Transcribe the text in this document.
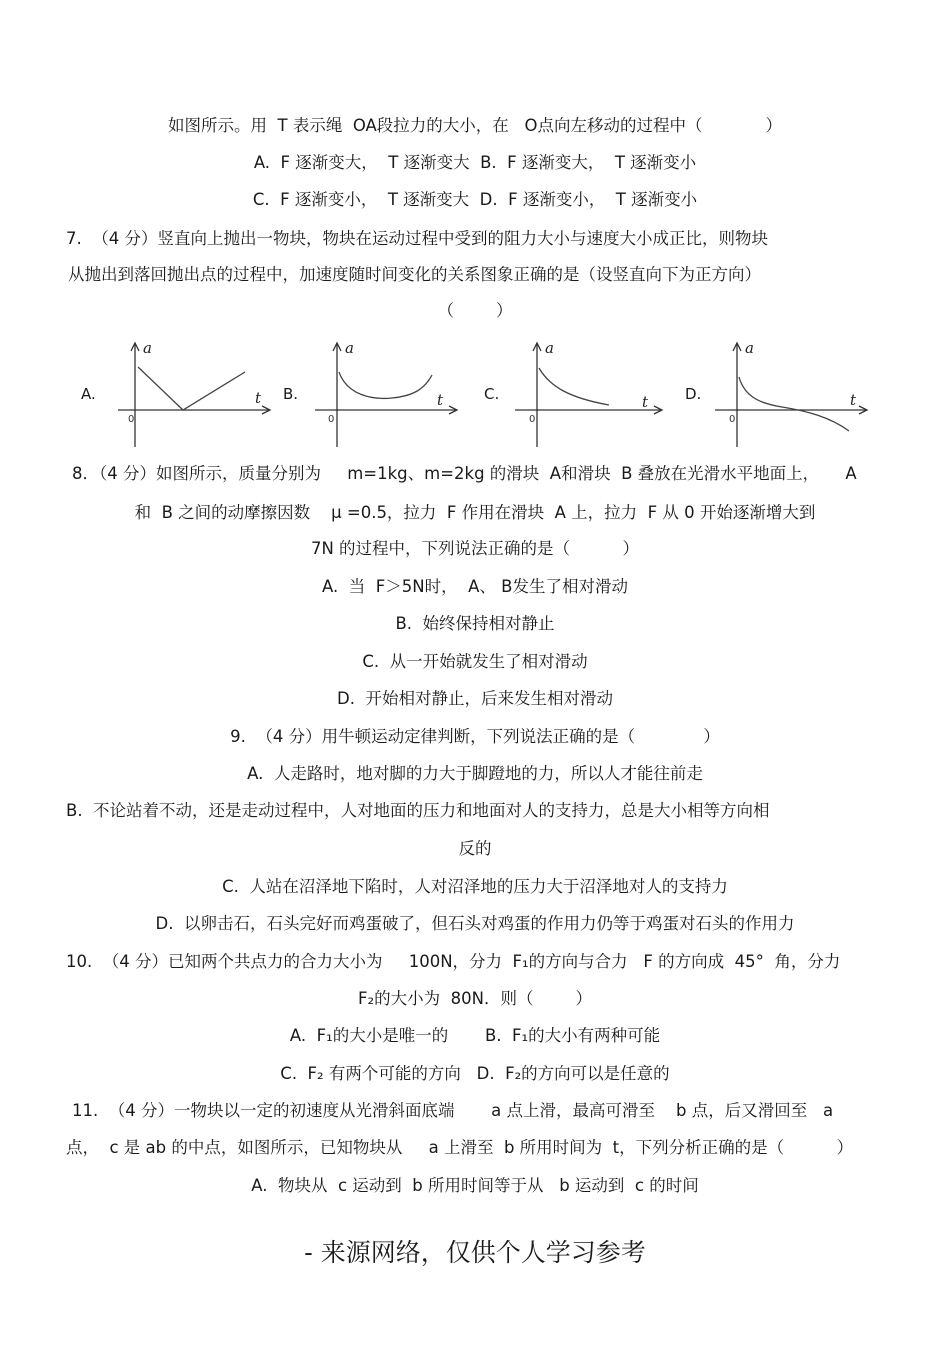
如图所示。用  T 表示绳  OA段拉力的大小，在   O点向左移动的过程中（            ）
A.  F 逐渐变大，  T 逐渐变大  B.  F 逐渐变大，  T 逐渐变小
C.  F 逐渐变小，  T 逐渐变大  D.  F 逐渐变小，  T 逐渐变小
7.  （4 分）竖直向上抛出一物块，物块在运动过程中受到的阻力大小与速度大小成正比，则物块
从抛出到落回抛出点的过程中，加速度随时间变化的关系图象正确的是（设竖直向下为正方向）
（        ）
A.
a
t
0
B.
a
t
0
C.
a
t
0
D.
a
t
0
8．（4 分）如图所示，质量分别为     m=1kg、m=2kg 的滑块  A和滑块  B 叠放在光滑水平地面上，     A
和  B 之间的动摩擦因数    μ =0.5，拉力  F 作用在滑块  A 上，拉力  F 从 0 开始逐渐增大到
7N 的过程中，下列说法正确的是（          ）
A.  当  F＞5N时，  A、 B发生了相对滑动
B.  始终保持相对静止
C.  从一开始就发生了相对滑动
D.  开始相对静止，后来发生相对滑动
9.  （4 分）用牛顿运动定律判断，下列说法正确的是（             ）
A.  人走路时，地对脚的力大于脚蹬地的力，所以人才能往前走
B.  不论站着不动，还是走动过程中，人对地面的压力和地面对人的支持力，总是大小相等方向相
反的
C.  人站在沼泽地下陷时，人对沼泽地的压力大于沼泽地对人的支持力
D.  以卵击石，石头完好而鸡蛋破了，但石头对鸡蛋的作用力仍等于鸡蛋对石头的作用力
10.  （4 分）已知两个共点力的合力大小为     100N，分力  F₁的方向与合力   F 的方向成  45°  角，分力
F₂的大小为  80N．则（        ）
A.  F₁的大小是唯一的       B.  F₁的大小有两种可能
C.  F₂ 有两个可能的方向   D.  F₂的方向可以是任意的
11.  （4 分）一物块以一定的初速度从光滑斜面底端       a 点上滑，最高可滑至    b 点，后又滑回至   a
点，  c 是 ab 的中点，如图所示，已知物块从     a 上滑至  b 所用时间为  t，下列分析正确的是（          ）
A.  物块从  c 运动到  b 所用时间等于从   b 运动到  c 的时间
- 来源网络，仅供个人学习参考
